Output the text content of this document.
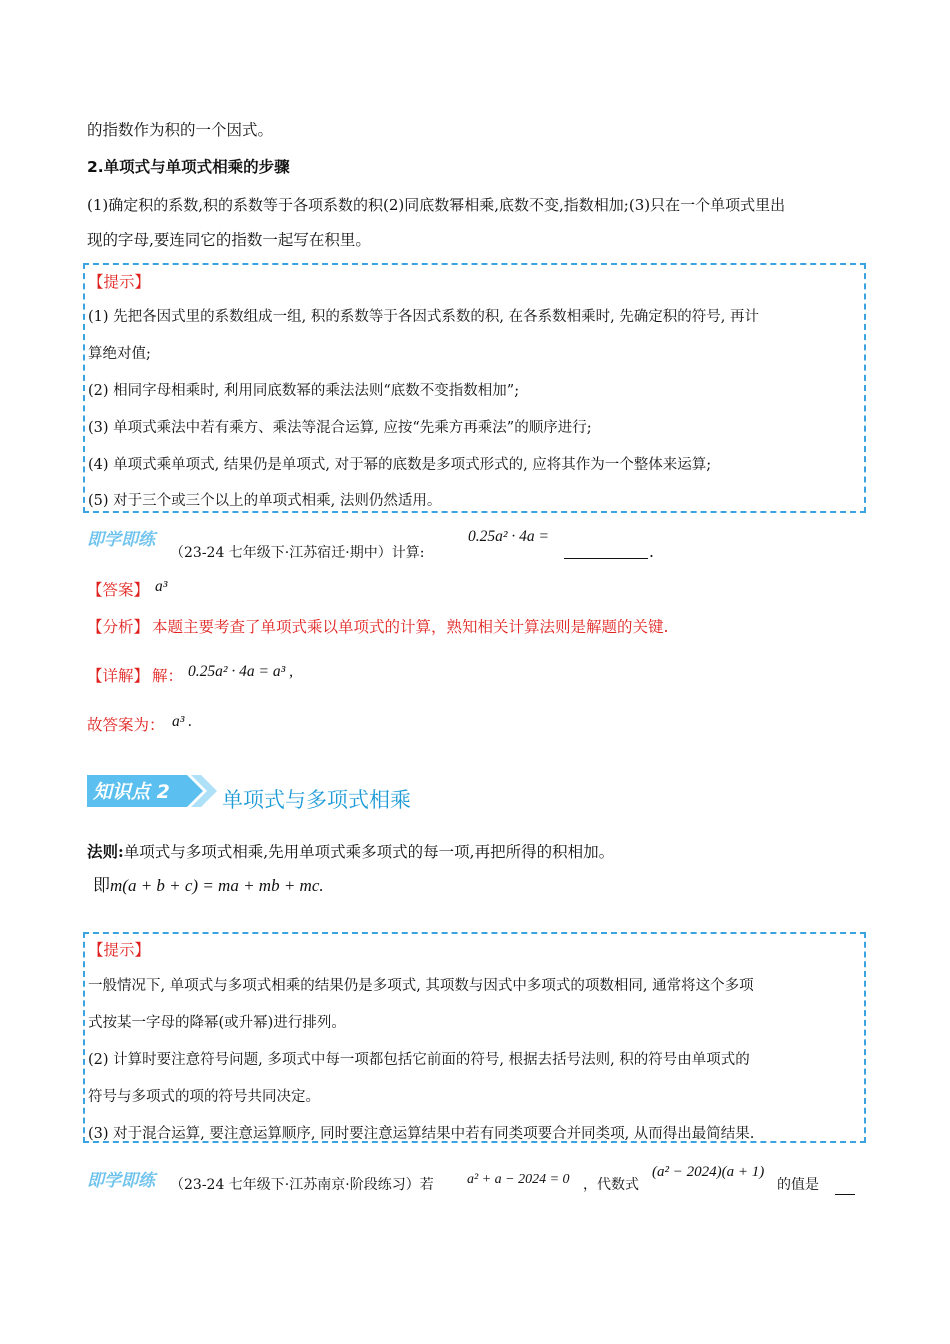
的指数作为积的一个因式。
2.单项式与单项式相乘的步骤
(1)确定积的系数,积的系数等于各项系数的积(2)同底数幂相乘,底数不变,指数相加;(3)只在一个单项式里出
现的字母,要连同它的指数一起写在积里。
【提示】
(1) 先把各因式里的系数组成一组, 积的系数等于各因式系数的积, 在各系数相乘时, 先确定积的符号, 再计
算绝对值;
(2) 相同字母相乘时, 利用同底数幂的乘法法则“底数不变指数相加”;
(3) 单项式乘法中若有乘方、乘法等混合运算, 应按“先乘方再乘法”的顺序进行;
(4) 单项式乘单项式, 结果仍是单项式, 对于幂的底数是多项式形式的, 应将其作为一个整体来运算;
(5) 对于三个或三个以上的单项式相乘, 法则仍然适用。
即学即练
（23-24 七年级下·江苏宿迁·期中）计算:
0.25a² · 4a =
.
【答案】 a³
【分析】 本题主要考查了单项式乘以单项式的计算，熟知相关计算法则是解题的关键.
【详解】 解： 0.25a² · 4a = a³ ,
故答案为： a³ .
知识点 2 单项式与多项式相乘
法则:单项式与多项式相乘,先用单项式乘多项式的每一项,再把所得的积相加。
即m(a + b + c) = ma + mb + mc.
【提示】
一般情况下, 单项式与多项式相乘的结果仍是多项式, 其项数与因式中多项式的项数相同, 通常将这个多项
式按某一字母的降幂(或升幂)进行排列。
(2) 计算时要注意符号问题, 多项式中每一项都包括它前面的符号, 根据去括号法则, 积的符号由单项式的
符号与多项式的项的符号共同决定。
(3) 对于混合运算, 要注意运算顺序, 同时要注意运算结果中若有同类项要合并同类项, 从而得出最简结果.
即学即练 （23-24 七年级下·江苏南京·阶段练习）若 a² + a − 2024 = 0 ，代数式
(a² − 2024)(a + 1)
的值是
